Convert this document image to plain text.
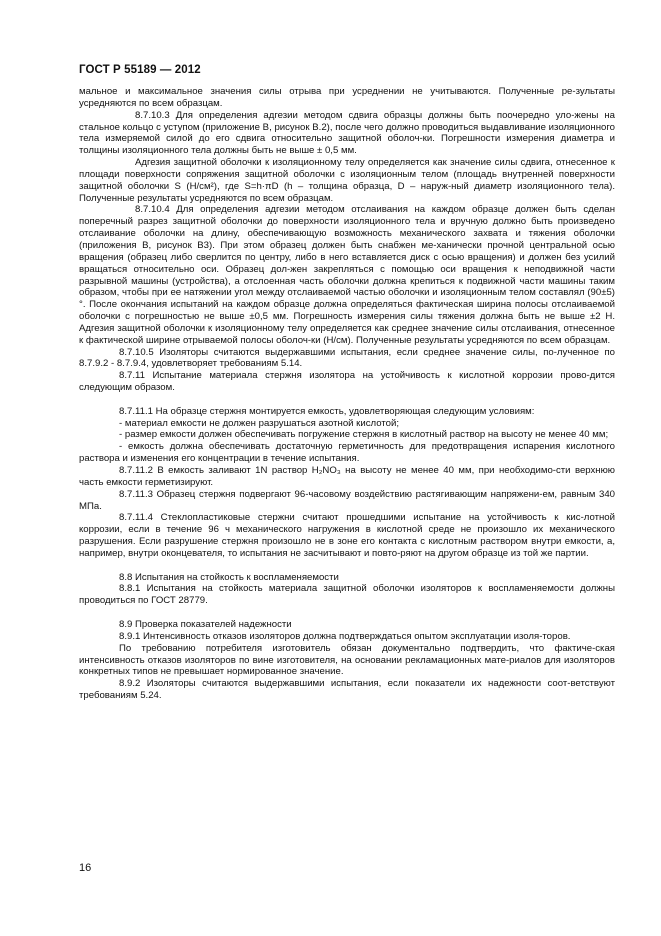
ГОСТ Р 55189 — 2012

мальное и максимальное значения силы отрыва при усреднении не учитываются. Полученные ре-зультаты усредняются по всем образцам.

8.7.10.3 Для определения адгезии методом сдвига образцы должны быть поочередно уло-жены на стальное кольцо с уступом (приложение В, рисунок В.2), после чего должно проводиться выдавливание изоляционного тела измеряемой силой до его сдвига относительно защитной оболоч-ки. Погрешности измерения диаметра и толщины изоляционного тела должны быть не выше ± 0,5 мм.

Адгезия защитной оболочки к изоляционному телу определяется как значение силы сдвига, отнесенное к площади поверхности сопряжения защитной оболочки с изоляционным телом (площадь внутренней поверхности защитной оболочки S (Н/см²), где S=h·πD (h – толщина образца, D – наруж-ный диаметр изоляционного тела). Полученные результаты усредняются по всем образцам.

8.7.10.4 Для определения адгезии методом отслаивания на каждом образце должен быть сделан поперечный разрез защитной оболочки до поверхности изоляционного тела и вручную должно быть произведено отслаивание оболочки на длину, обеспечивающую возможность механического захвата и тяжения оболочки (приложения В, рисунок В3). При этом образец должен быть снабжен ме-ханически прочной центральной осью вращения (образец либо сверлится по центру, либо в него вставляется диск с осью вращения) и должен без усилий вращаться относительно оси. Образец дол-жен закрепляться с помощью оси вращения к неподвижной части разрывной машины (устройства), а отслоенная часть оболочки должна крепиться к подвижной части машины таким образом, чтобы при ее натяжении угол между отслаиваемой частью оболочки и изоляционным телом составлял (90±5)°. После окончания испытаний на каждом образце должна определяться фактическая ширина полосы отслаиваемой оболочки с погрешностью не выше ±0,5 мм. Погрешность измерения силы тяжения должна быть не выше ±2 Н. Адгезия защитной оболочки к изоляционному телу определяется как среднее значение силы отслаивания, отнесенное к фактической ширине отрываемой полосы оболоч-ки (Н/см). Полученные результаты усредняются по всем образцам.

8.7.10.5 Изоляторы считаются выдержавшими испытания, если среднее значение силы, по-лученное по 8.7.9.2 - 8.7.9.4, удовлетворяет требованиям 5.14.

8.7.11 Испытание материала стержня изолятора на устойчивость к кислотной коррозии прово-дится следующим образом.

8.7.11.1 На образце стержня монтируется емкость, удовлетворяющая следующим условиям:

- материал емкости не должен разрушаться азотной кислотой;

- размер емкости должен обеспечивать погружение стержня в кислотный раствор на высоту не менее 40 мм;

- емкость должна обеспечивать достаточную герметичность для предотвращения испарения кислотного раствора и изменения его концентрации в течение испытания.

8.7.11.2 В емкость заливают 1N раствор H₂NO₃ на высоту не менее 40 мм, при необходимо-сти верхнюю часть емкости герметизируют.

8.7.11.3 Образец стержня подвергают 96-часовому воздействию растягивающим напряжени-ем, равным 340 МПа.

8.7.11.4 Стеклопластиковые стержни считают прошедшими испытание на устойчивость к кис-лотной коррозии, если в течение 96 ч механического нагружения в кислотной среде не произошло их механического разрушения. Если разрушение стержня произошло не в зоне его контакта с кислотным раствором внутри емкости, а, например, внутри оконцевателя, то испытания не засчитывают и повто-ряют на другом образце из той же партии.

8.8 Испытания на стойкость к воспламеняемости

8.8.1 Испытания на стойкость материала защитной оболочки изоляторов к воспламеняемости должны проводиться по ГОСТ 28779.

8.9 Проверка показателей надежности

8.9.1 Интенсивность отказов изоляторов должна подтверждаться опытом эксплуатации изоля-торов.

По требованию потребителя изготовитель обязан документально подтвердить, что фактиче-ская интенсивность отказов изоляторов по вине изготовителя, на основании рекламационных мате-риалов для изоляторов конкретных типов не превышает нормированное значение.

8.9.2 Изоляторы считаются выдержавшими испытания, если показатели их надежности соот-ветствуют требованиям 5.24.

16
